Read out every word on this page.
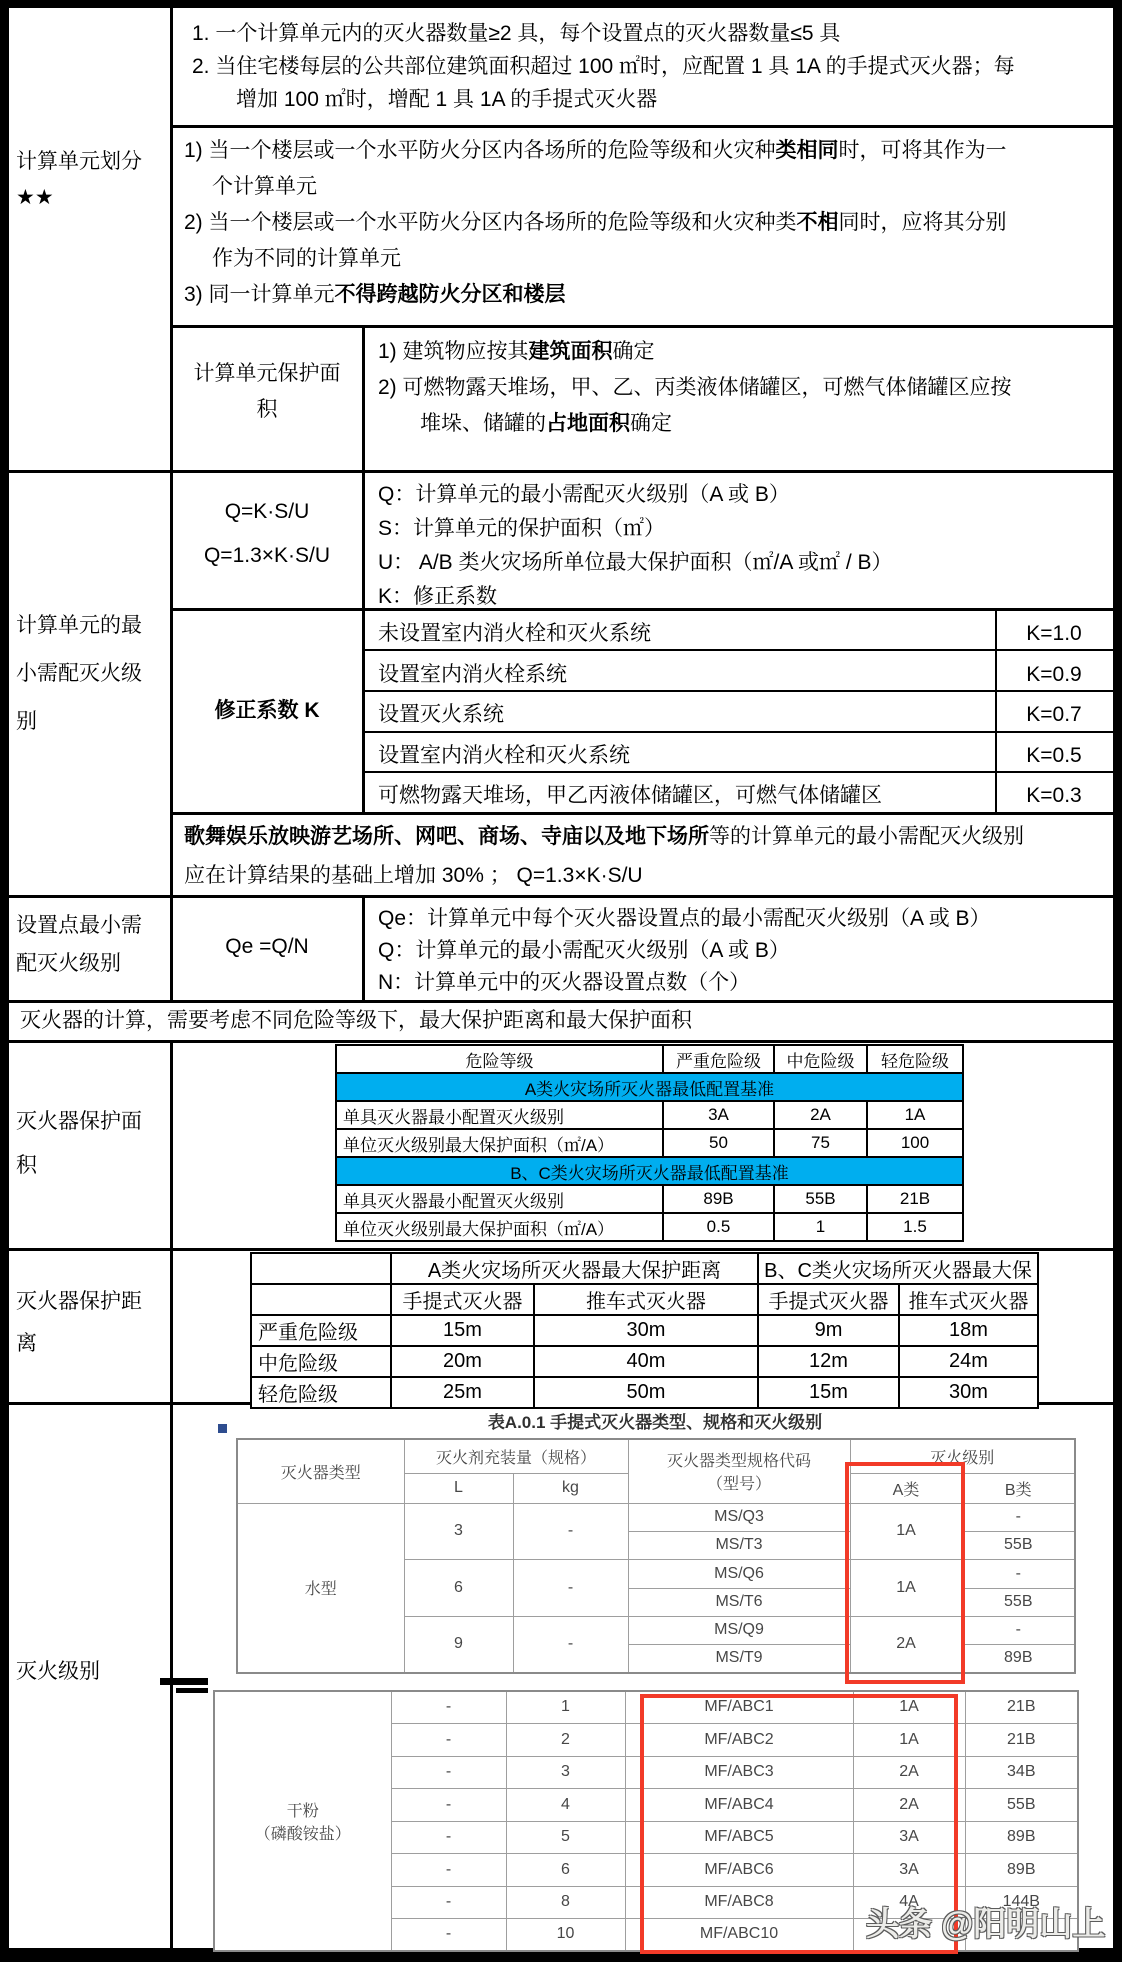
计算单元划分
★★
1. 一个计算单元内的灭火器数量≥2 具，每个设置点的灭火器数量≤5 具
2. 当住宅楼每层的公共部位建筑面积超过 100 ㎡时，应配置 1 具 1A 的手提式灭火器；每
增加 100 ㎡时，增配 1 具 1A 的手提式灭火器
1) 当一个楼层或一个水平防火分区内各场所的危险等级和火灾种类相同时，可将其作为一
个计算单元
2) 当一个楼层或一个水平防火分区内各场所的危险等级和火灾种类不相同时，应将其分别
作为不同的计算单元
3) 同一计算单元不得跨越防火分区和楼层
计算单元保护面
积
1) 建筑物应按其建筑面积确定
2) 可燃物露天堆场，甲、乙、丙类液体储罐区，可燃气体储罐区应按
堆垛、储罐的占地面积确定
计算单元的最
小需配灭火级
别
Q=K·S/U
Q=1.3×K·S/U
Q：计算单元的最小需配灭火级别（A 或 B）
S：计算单元的保护面积（㎡）
U： A/B 类火灾场所单位最大保护面积（㎡/A 或㎡ / B）
K：修正系数
修正系数 K
未设置室内消火栓和灭火系统	K=1.0
设置室内消火栓系统	K=0.9
设置灭火系统	K=0.7
设置室内消火栓和灭火系统	K=0.5
可燃物露天堆场，甲乙丙液体储罐区，可燃气体储罐区	K=0.3
歌舞娱乐放映游艺场所、网吧、商场、寺庙以及地下场所等的计算单元的最小需配灭火级别
应在计算结果的基础上增加 30% ； Q=1.3×K·S/U
设置点最小需
配灭火级别
Qe =Q/N
Qe：计算单元中每个灭火器设置点的最小需配灭火级别（A 或 B）
Q：计算单元的最小需配灭火级别（A 或 B）
N：计算单元中的灭火器设置点数（个）
灭火器的计算，需要考虑不同危险等级下，最大保护距离和最大保护面积
灭火器保护面
积
危险等级	严重危险级	中危险级	轻危险级
A类火灾场所灭火器最低配置基准			
单具灭火器最小配置灭火级别	3A	2A	1A
单位灭火级别最大保护面积（㎡/A）	50	75	100
B、C类火灾场所灭火器最低配置基准			
单具灭火器最小配置灭火级别	89B	55B	21B
单位灭火级别最大保护面积（㎡/A）	0.5	1	1.5
灭火器保护距
离
	A类火灾场所灭火器最大保护距离		B、C类火灾场所灭火器最大保	
	手提式灭火器	推车式灭火器	手提式灭火器	推车式灭火器
严重危险级	15m	30m	9m	18m
中危险级	20m	40m	12m	24m
轻危险级	25m	50m	15m	30m
灭火级别
表A.0.1 手提式灭火器类型、规格和灭火级别
灭火器类型	灭火剂充装量（规格）		灭火器类型规格代码
（型号）	灭火级别	
	L	kg		A类	B类
水型	3	-	MS/Q3	1A	-
			MS/T3		55B
	6	-	MS/Q6	1A	-
			MS/T6		55B
	9	-	MS/Q9	2A	-
			MS/T9		89B
干粉
（磷酸铵盐）	-	1	MF/ABC1	1A	21B
	-	2	MF/ABC2	1A	21B
	-	3	MF/ABC3	2A	34B
	-	4	MF/ABC4	2A	55B
	-	5	MF/ABC5	3A	89B
	-	6	MF/ABC6	3A	89B
	-	8	MF/ABC8	4A	144B
	-	10	MF/ABC10			头条 @阳明山上
